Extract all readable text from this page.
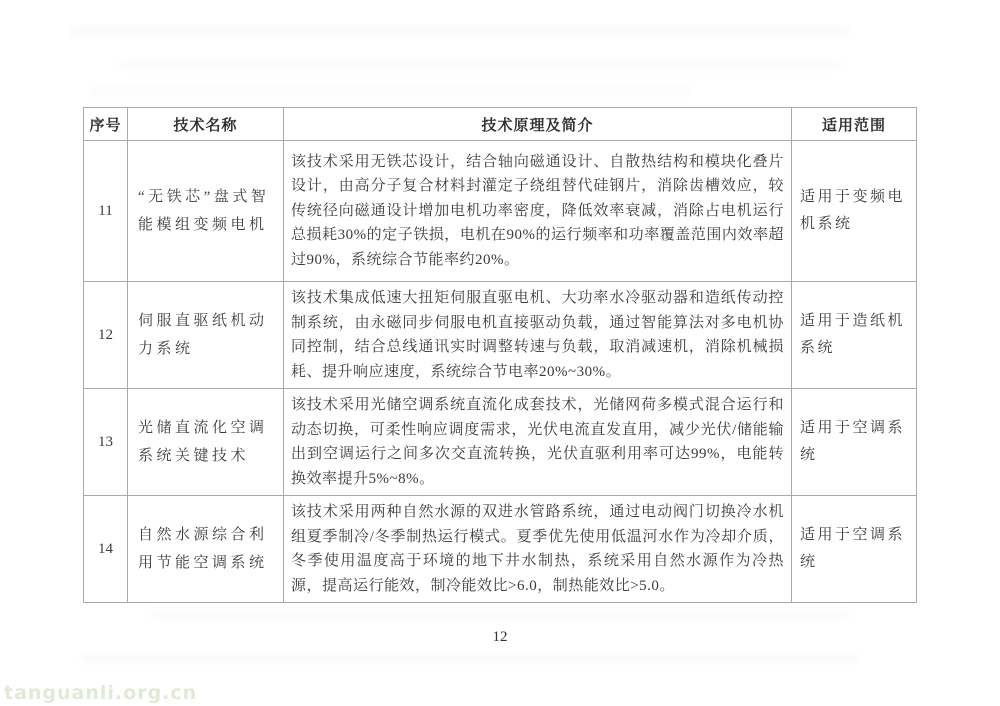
序号	技术名称	技术原理及简介	适用范围
11	“无铁芯”盘式智能模组变频电机	该技术采用无铁芯设计，结合轴向磁通设计、自散热结构和模块化叠片设计，由高分子复合材料封灌定子绕组替代硅钢片，消除齿槽效应，较传统径向磁通设计增加电机功率密度，降低效率衰减，消除占电机运行总损耗30%的定子铁损，电机在90%的运行频率和功率覆盖范围内效率超过90%，系统综合节能率约20%。	适用于变频电机系统
12	伺服直驱纸机动力系统	该技术集成低速大扭矩伺服直驱电机、大功率水冷驱动器和造纸传动控制系统，由永磁同步伺服电机直接驱动负载，通过智能算法对多电机协同控制，结合总线通讯实时调整转速与负载，取消减速机，消除机械损耗、提升响应速度，系统综合节电率20%~30%。	适用于造纸机系统
13	光储直流化空调系统关键技术	该技术采用光储空调系统直流化成套技术，光储网荷多模式混合运行和动态切换，可柔性响应调度需求，光伏电流直发直用，减少光伏/储能输出到空调运行之间多次交直流转换，光伏直驱利用率可达99%，电能转换效率提升5%~8%。	适用于空调系统
14	自然水源综合利用节能空调系统	该技术采用两种自然水源的双进水管路系统，通过电动阀门切换冷水机组夏季制冷/冬季制热运行模式。夏季优先使用低温河水作为冷却介质，冬季使用温度高于环境的地下井水制热，系统采用自然水源作为冷热源，提高运行能效，制冷能效比>6.0，制热能效比>5.0。	适用于空调系统
12
tanguanli.org.cn
